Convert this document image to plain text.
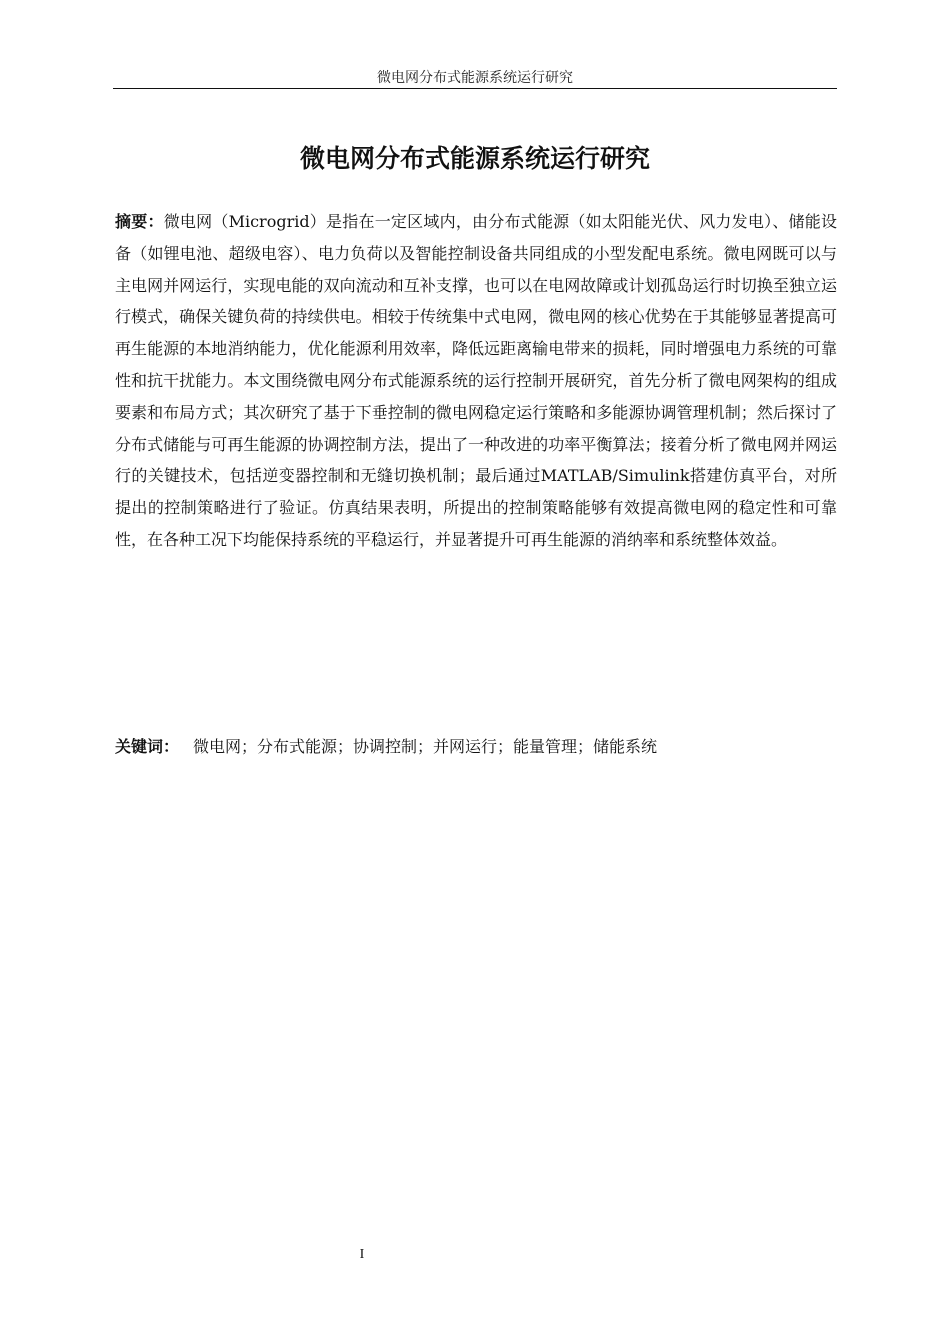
微电网分布式能源系统运行研究
微电网分布式能源系统运行研究
摘要：微电网（Microgrid）是指在一定区域内，由分布式能源（如太阳能光伏、风力发电）、储能设备（如锂电池、超级电容）、电力负荷以及智能控制设备共同组成的小型发配电系统。微电网既可以与主电网并网运行，实现电能的双向流动和互补支撑，也可以在电网故障或计划孤岛运行时切换至独立运行模式，确保关键负荷的持续供电。相较于传统集中式电网，微电网的核心优势在于其能够显著提高可再生能源的本地消纳能力，优化能源利用效率，降低远距离输电带来的损耗，同时增强电力系统的可靠性和抗干扰能力。本文围绕微电网分布式能源系统的运行控制开展研究，首先分析了微电网架构的组成要素和布局方式；其次研究了基于下垂控制的微电网稳定运行策略和多能源协调管理机制；然后探讨了分布式储能与可再生能源的协调控制方法，提出了一种改进的功率平衡算法；接着分析了微电网并网运行的关键技术，包括逆变器控制和无缝切换机制；最后通过MATLAB/Simulink搭建仿真平台，对所提出的控制策略进行了验证。仿真结果表明，所提出的控制策略能够有效提高微电网的稳定性和可靠性，在各种工况下均能保持系统的平稳运行，并显著提升可再生能源的消纳率和系统整体效益。
关键词： 微电网；分布式能源；协调控制；并网运行；能量管理；储能系统
I
